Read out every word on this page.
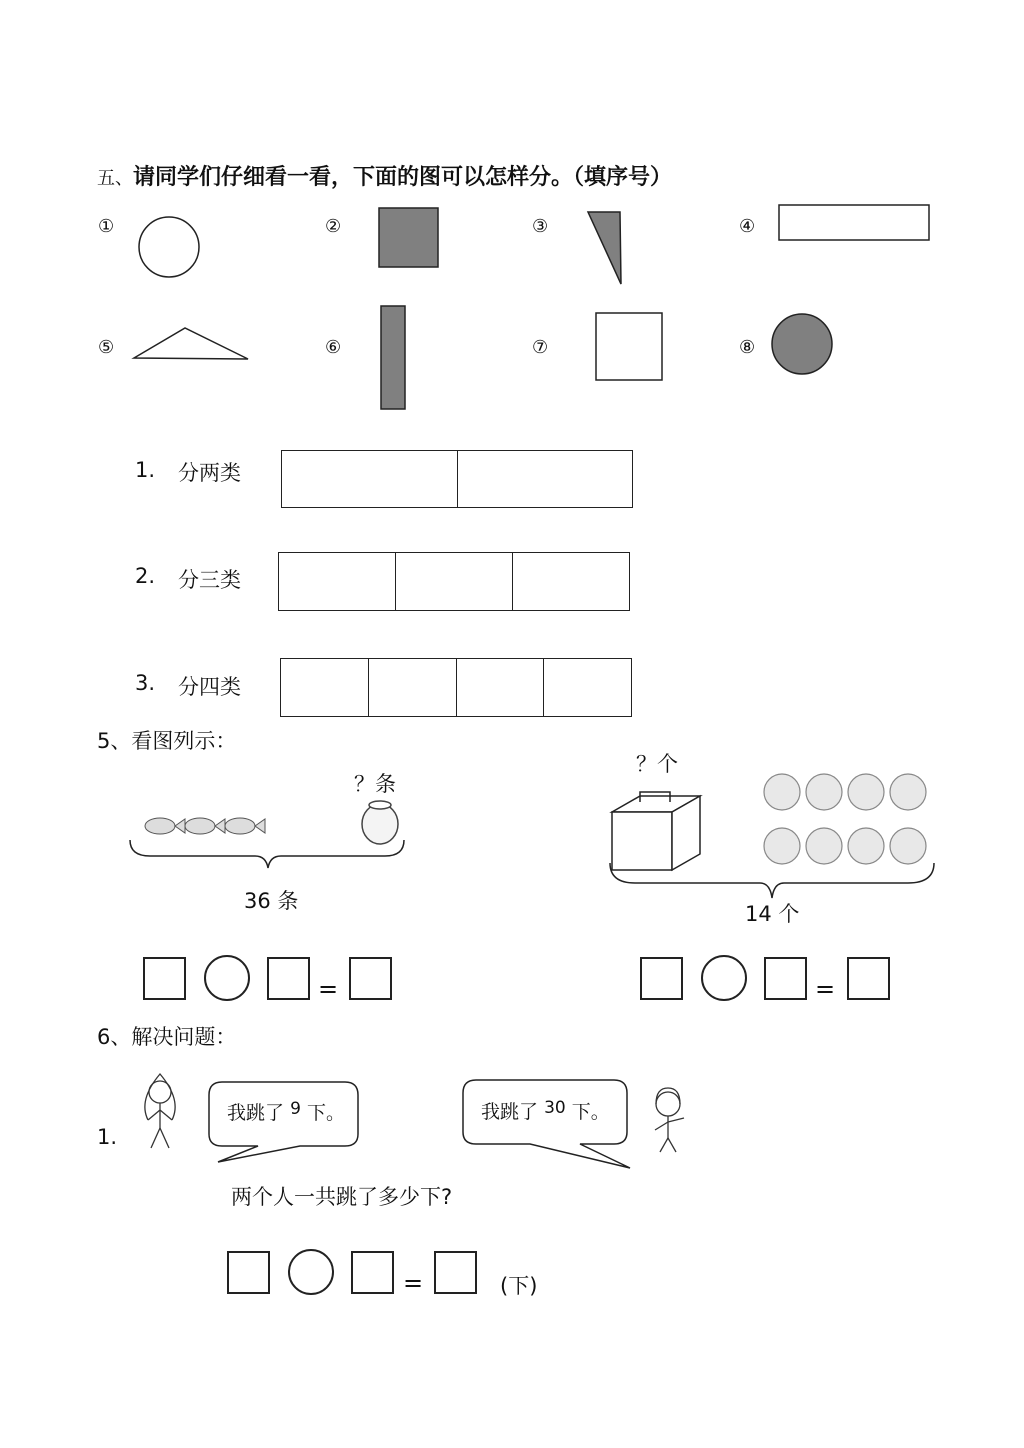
五、请同学们仔细看一看，下面的图可以怎样分。（填序号）
①	②	③	④
⑤	⑥	⑦	⑧
1. 分两类
2. 分三类
3. 分四类
5、看图列示：
？条
36 条
？个
14 个
=	=
6、解决问题：
1.
我跳了 9 下。	我跳了 30 下。
两个人一共跳了多少下?
=	(下)
